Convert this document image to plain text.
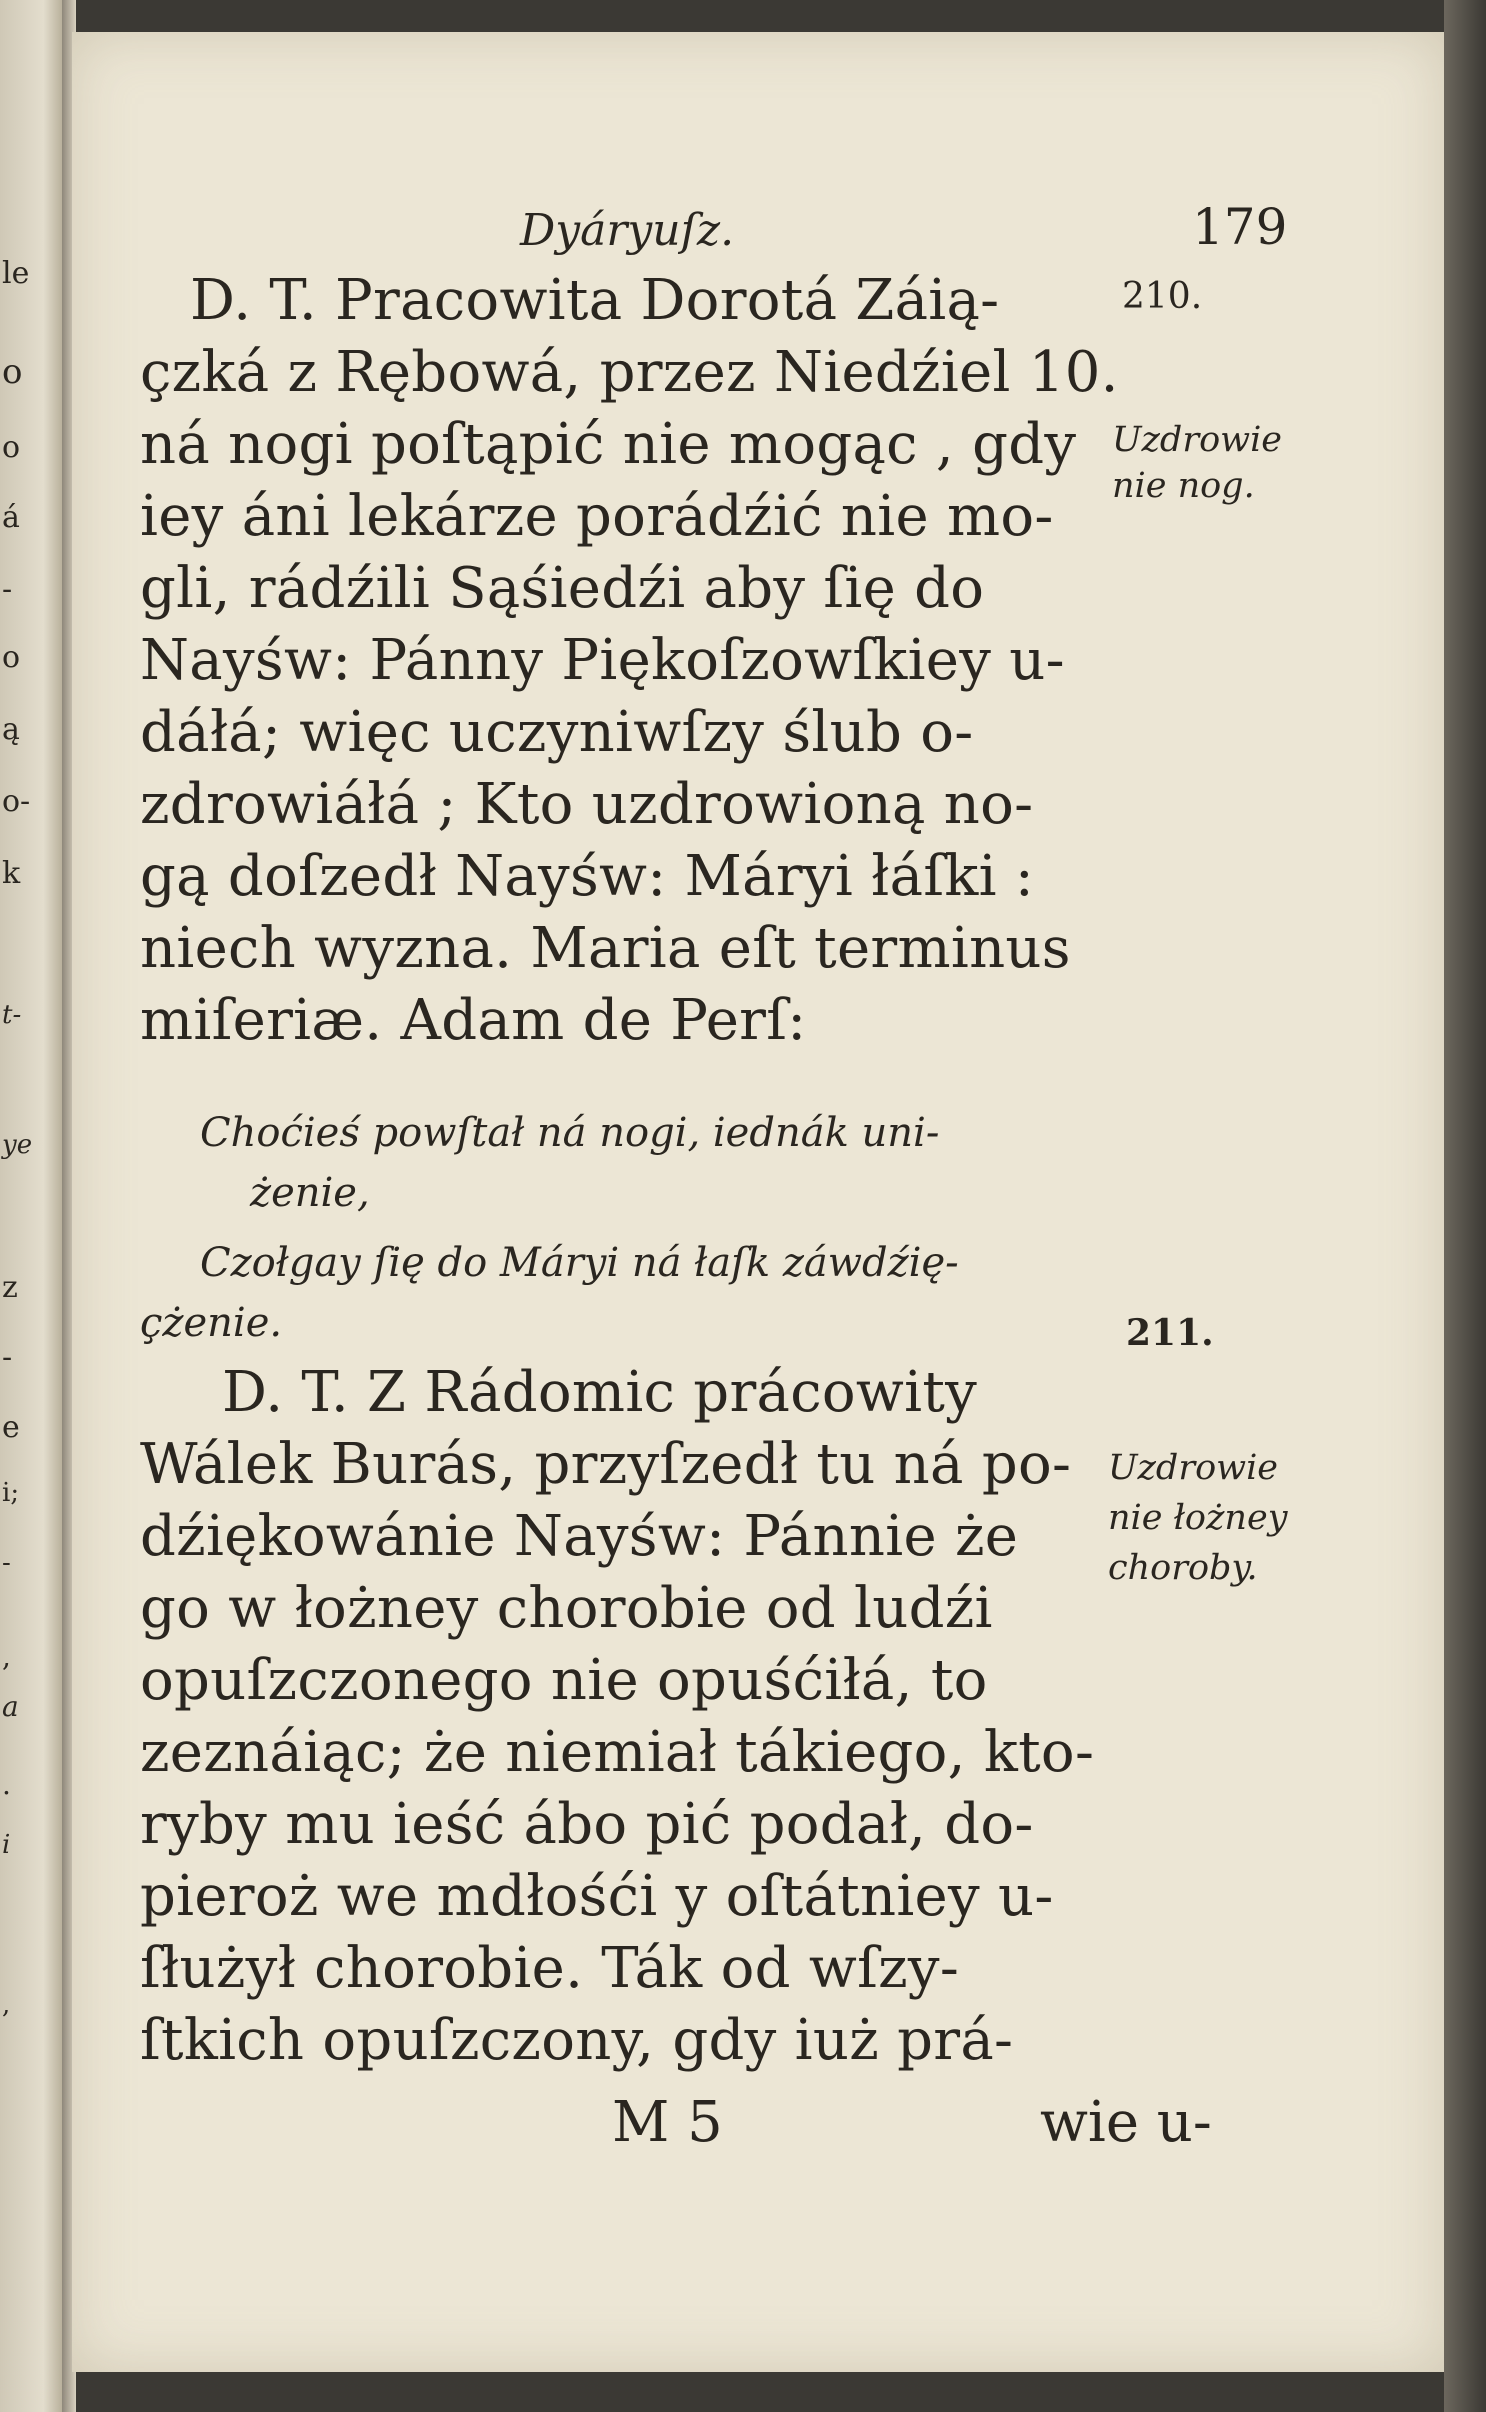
Dyáryuſz.	179
210.
Uzdrowie
nie nog.
D. T. Pracowita Dorotá Záią-
çzká z Rębowá, przez Niedźiel 10.
ná nogi poſtąpić nie mogąc , gdy
iey áni lekárze porádźić nie mo-
gli, rádźili Sąśiedźi aby ſię do
Nayśw: Pánny Piękoſzowſkiey u-
dáłá; więc uczyniwſzy ślub o-
zdrowiáłá ; Kto uzdrowioną no-
gą doſzedł Nayśw: Máryi łáſki :
niech wyzna. Maria eſt terminus
miſeriæ. Adam de Perſ:
Choćieś powſtał ná nogi, iednák uni-
żenie,
Czołgay ſię do Máryi ná łaſk záwdźię-
çżenie.	211.
Uzdrowie
nie łożney
choroby.
D. T. Z Rádomic prácowity
Wálek Burás, przyſzedł tu ná po-
dźiękowánie Nayśw: Pánnie że
go w łożney chorobie od ludźi
opuſzczonego nie opuśćiłá, to
zeznáiąc; że niemiał tákiego, kto-
ryby mu ieść ábo pić podał, do-
pieroż we mdłośći y oſtátniey u-
ſłużył chorobie. Ták od wſzy-
ſtkich opuſzczony, gdy iuż prá-
M 5	wie u-
le
o
o
á
-
o
ą
o-
k
t-
ye
z
-
e
i;
-
,
a
.
i
,
